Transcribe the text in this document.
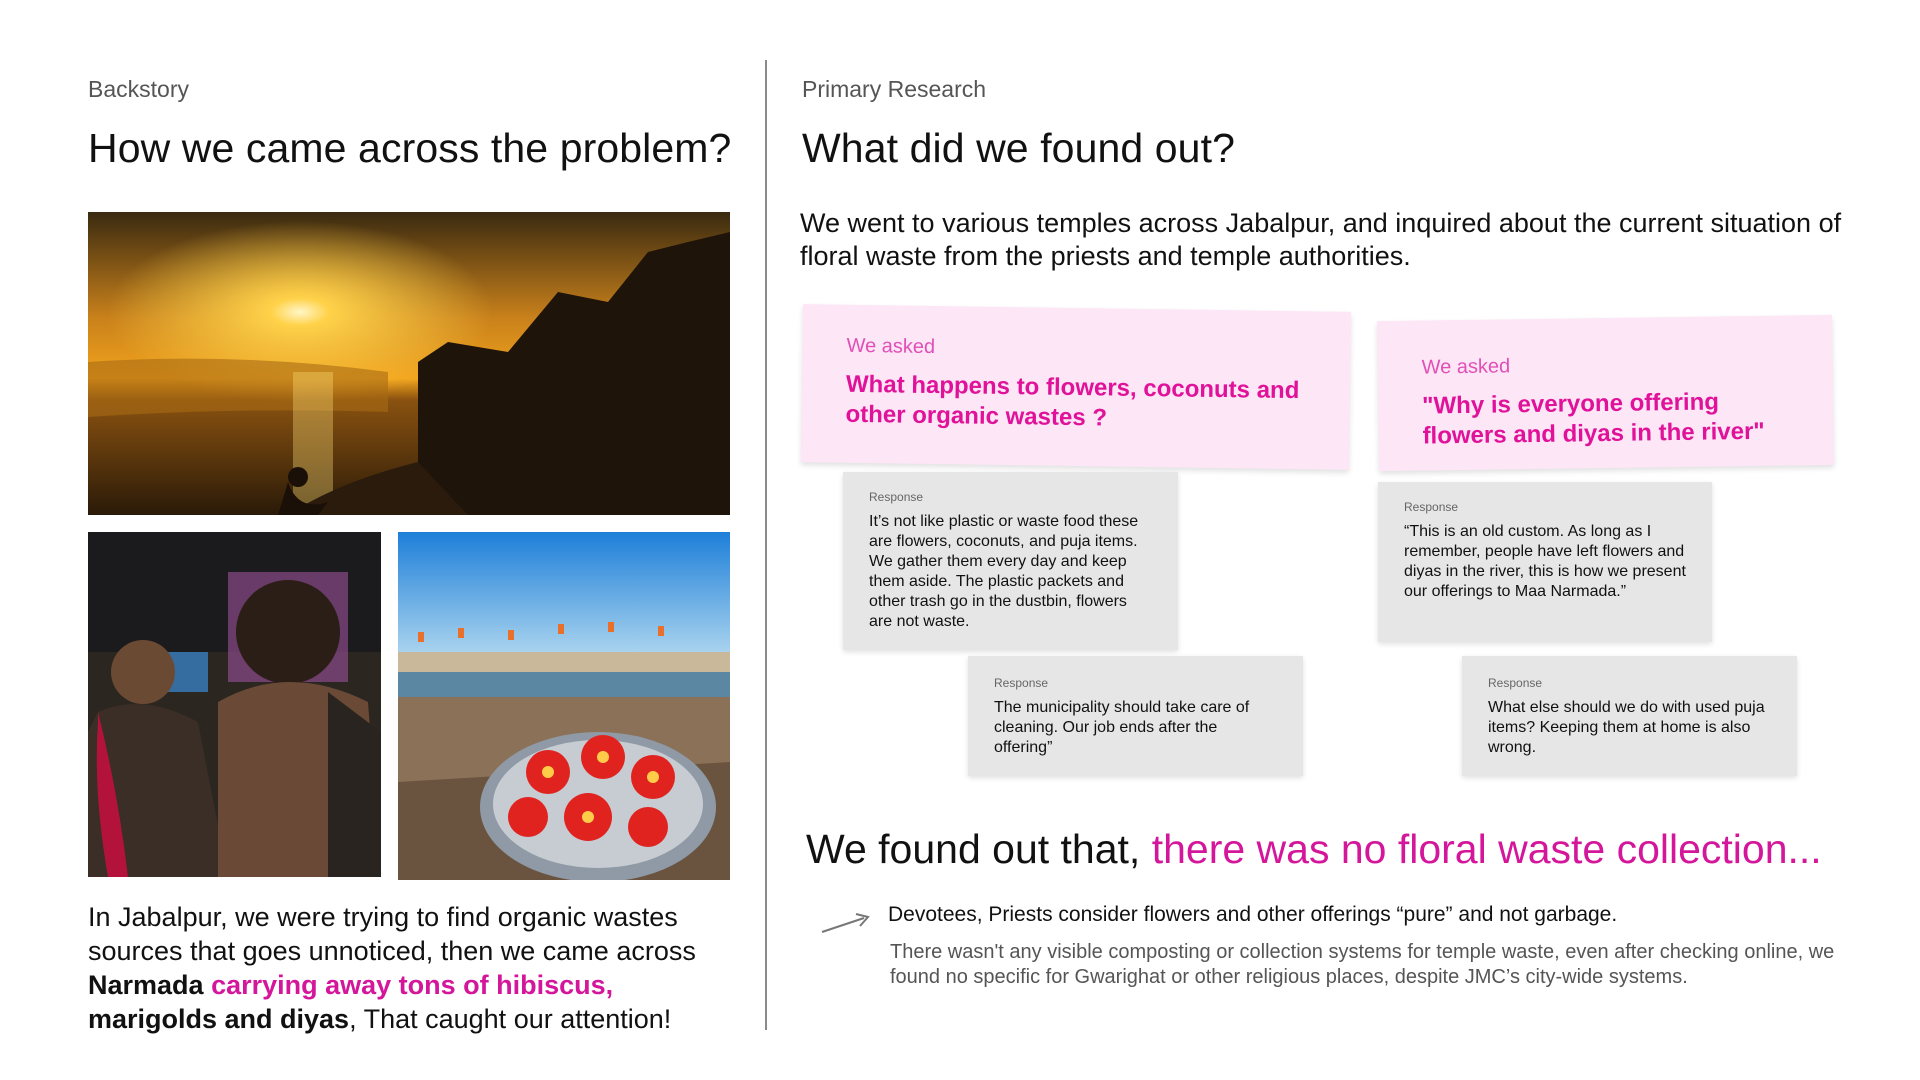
Backstory
How we came across the problem?
In Jabalpur, we were trying to find organic wastes sources that goes unnoticed, then we came across Narmada carrying away tons of hibiscus, marigolds and diyas, That caught our attention!
Primary Research
What did we found out?
We went to various temples across Jabalpur, and inquired about the current situation of floral waste from the priests and temple authorities.
We asked
What happens to flowers, coconuts and other organic wastes ?
We asked
"Why is everyone offering flowers and diyas in the river"
Response
It’s not like plastic or waste food these are flowers, coconuts, and puja items. We gather them every day and keep them aside. The plastic packets and other trash go in the dustbin, flowers are not waste.
Response
The municipality should take care of cleaning. Our job ends after the offering”
Response
“This is an old custom. As long as I remember, people have left flowers and diyas in the river, this is how we present our offerings to Maa Narmada.”
Response
What else should we do with used puja items? Keeping them at home is also wrong.
We found out that, there was no floral waste collection...
Devotees, Priests consider flowers and other offerings “pure” and not garbage.
There wasn't any visible composting or collection systems for temple waste, even after checking online, we found no specific for Gwarighat or other religious places, despite JMC’s city-wide systems.
